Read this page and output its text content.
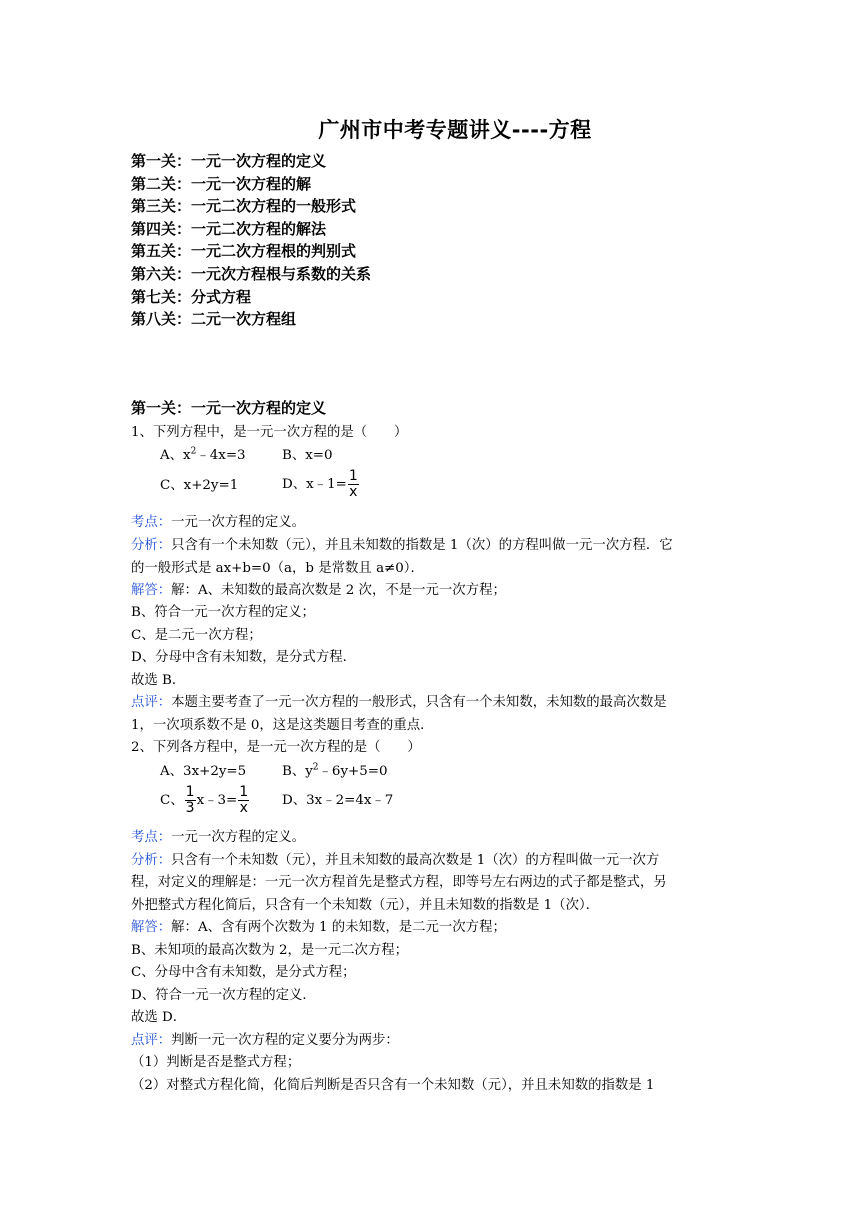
广州市中考专题讲义----方程
第一关：一元一次方程的定义
第二关：一元一次方程的解
第三关：一元二次方程的一般形式
第四关：一元二次方程的解法
第五关：一元二次方程根的判别式
第六关：一元次方程根与系数的关系
第七关：分式方程
第八关：二元一次方程组
第一关：一元一次方程的定义
1、下列方程中，是一元一次方程的是（　　）
A、$x^2﹣4x=3$	B、x=0
C、x+2y=1	D、x﹣1= $\frac{1}{x}$
考点：一元一次方程的定义。
分析：只含有一个未知数（元），并且未知数的指数是 1（次）的方程叫做一元一次方程．它
的一般形式是 ax+b=0（a，b 是常数且 a≠0）．
解答：解：A、未知数的最高次数是 2 次，不是一元一次方程；
B、符合一元一次方程的定义；
C、是二元一次方程；
D、分母中含有未知数，是分式方程．
故选 B．
点评：本题主要考查了一元一次方程的一般形式，只含有一个未知数，未知数的最高次数是
1，一次项系数不是 0，这是这类题目考查的重点．
2、下列各方程中，是一元一次方程的是（　　）
A、3x+2y=5	B、$y^2﹣6y+5=0$
C、 $\frac{1}{3}$ x﹣3= $\frac{1}{x}$ D、3x﹣2=4x﹣7
考点：一元一次方程的定义。
分析：只含有一个未知数（元），并且未知数的最高次数是 1（次）的方程叫做一元一次方
程，对定义的理解是：一元一次方程首先是整式方程，即等号左右两边的式子都是整式，另
外把整式方程化简后，只含有一个未知数（元），并且未知数的指数是 1（次）．
解答：解：A、含有两个次数为 1 的未知数，是二元一次方程；
B、未知项的最高次数为 2，是一元二次方程；
C、分母中含有未知数，是分式方程；
D、符合一元一次方程的定义．
故选 D．
点评：判断一元一次方程的定义要分为两步：
（1）判断是否是整式方程；
（2）对整式方程化简，化简后判断是否只含有一个未知数（元），并且未知数的指数是 1
